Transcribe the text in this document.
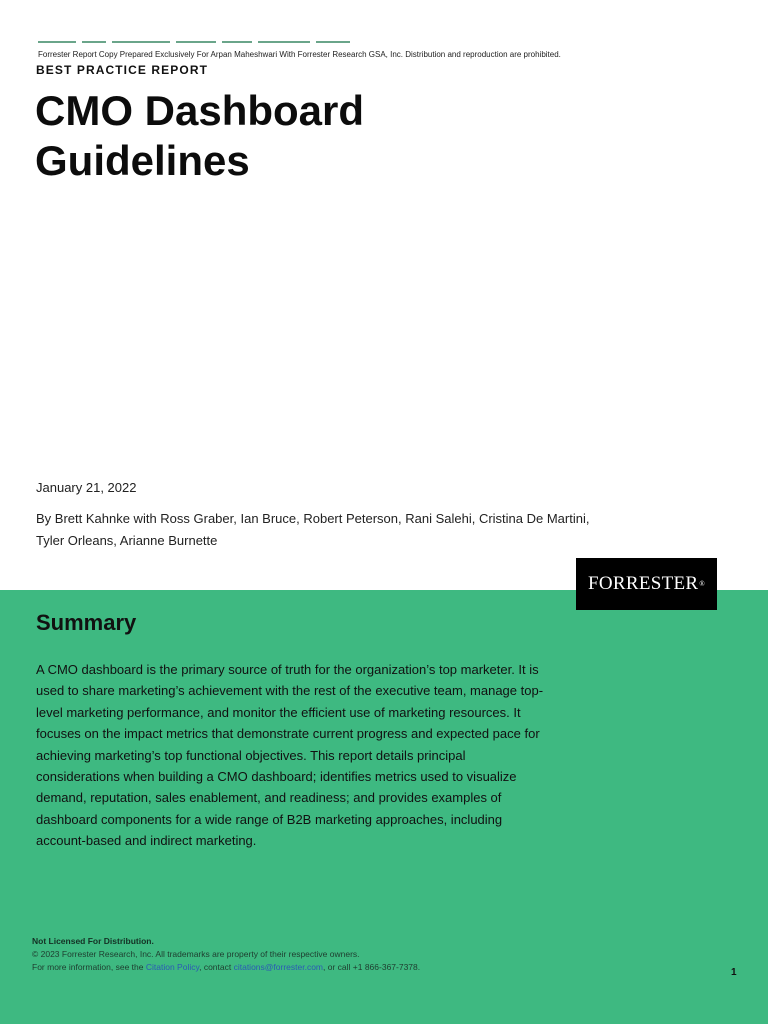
Forrester Report Copy Prepared Exclusively For Arpan Maheshwari With Forrester Research GSA, Inc. Distribution and reproduction are prohibited.
BEST PRACTICE REPORT
CMO Dashboard
Guidelines
January 21, 2022
By Brett Kahnke with Ross Graber, Ian Bruce, Robert Peterson, Rani Salehi, Cristina De Martini,
Tyler Orleans, Arianne Burnette
FORRESTER ®
Summary
A CMO dashboard is the primary source of truth for the organization’s top marketer. It is
used to share marketing’s achievement with the rest of the executive team, manage top-
level marketing performance, and monitor the efficient use of marketing resources. It
focuses on the impact metrics that demonstrate current progress and expected pace for
achieving marketing’s top functional objectives. This report details principal
considerations when building a CMO dashboard; identifies metrics used to visualize
demand, reputation, sales enablement, and readiness; and provides examples of
dashboard components for a wide range of B2B marketing approaches, including
account-based and indirect marketing.
Not Licensed For Distribution.
© 2023 Forrester Research, Inc. All trademarks are property of their respective owners.
For more information, see the Citation Policy, contact citations@forrester.com, or call +1 866-367-7378.	1
